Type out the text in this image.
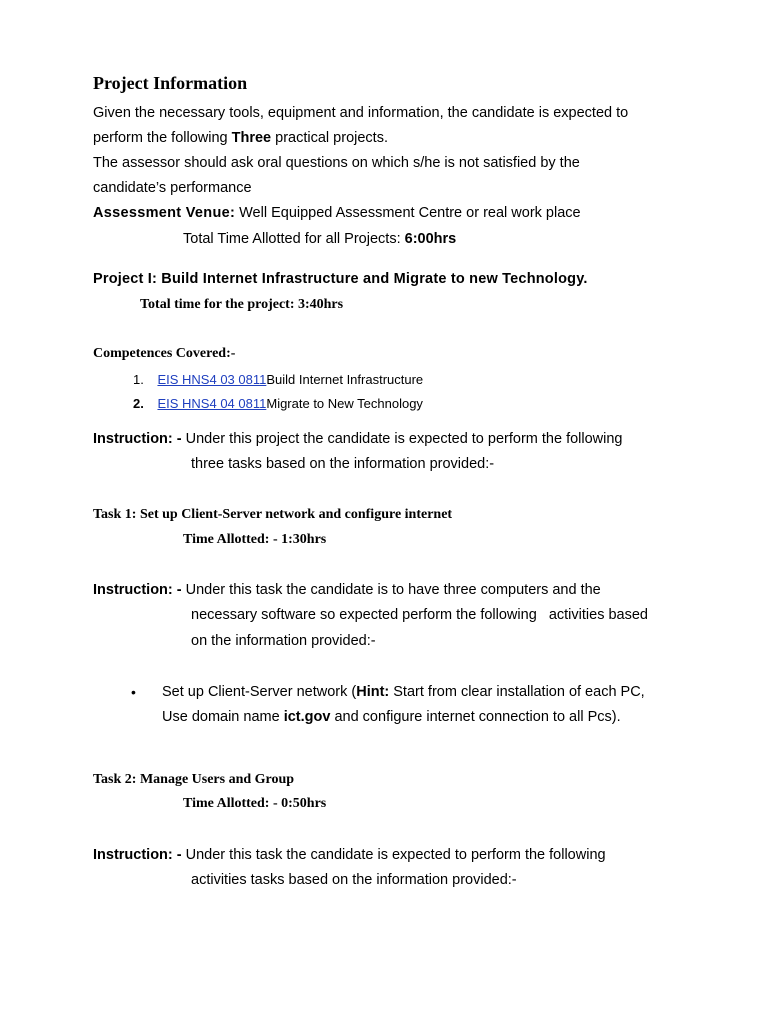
Project Information
Given the necessary tools, equipment and information, the candidate is expected to
perform the following Three practical projects.
The assessor should ask oral questions on which s/he is not satisfied by the
candidate’s performance
Assessment Venue: Well Equipped Assessment Centre or real work place
Total Time Allotted for all Projects: 6:00hrs
Project I: Build Internet Infrastructure and Migrate to new Technology.
Total time for the project: 3:40hrs
Competences Covered:-
1. EIS HNS4 03 0811Build Internet Infrastructure
2. EIS HNS4 04 0811Migrate to New Technology
Instruction: - Under this project the candidate is expected to perform the following
three tasks based on the information provided:-
Task 1: Set up Client-Server network and configure internet
Time Allotted: - 1:30hrs
Instruction: - Under this task the candidate is to have three computers and the
necessary software so expected perform the following   activities based
on the information provided:-
• Set up Client-Server network (Hint: Start from clear installation of each PC,
Use domain name ict.gov and configure internet connection to all Pcs).
Task 2: Manage Users and Group
Time Allotted: - 0:50hrs
Instruction: - Under this task the candidate is expected to perform the following
activities tasks based on the information provided:-
